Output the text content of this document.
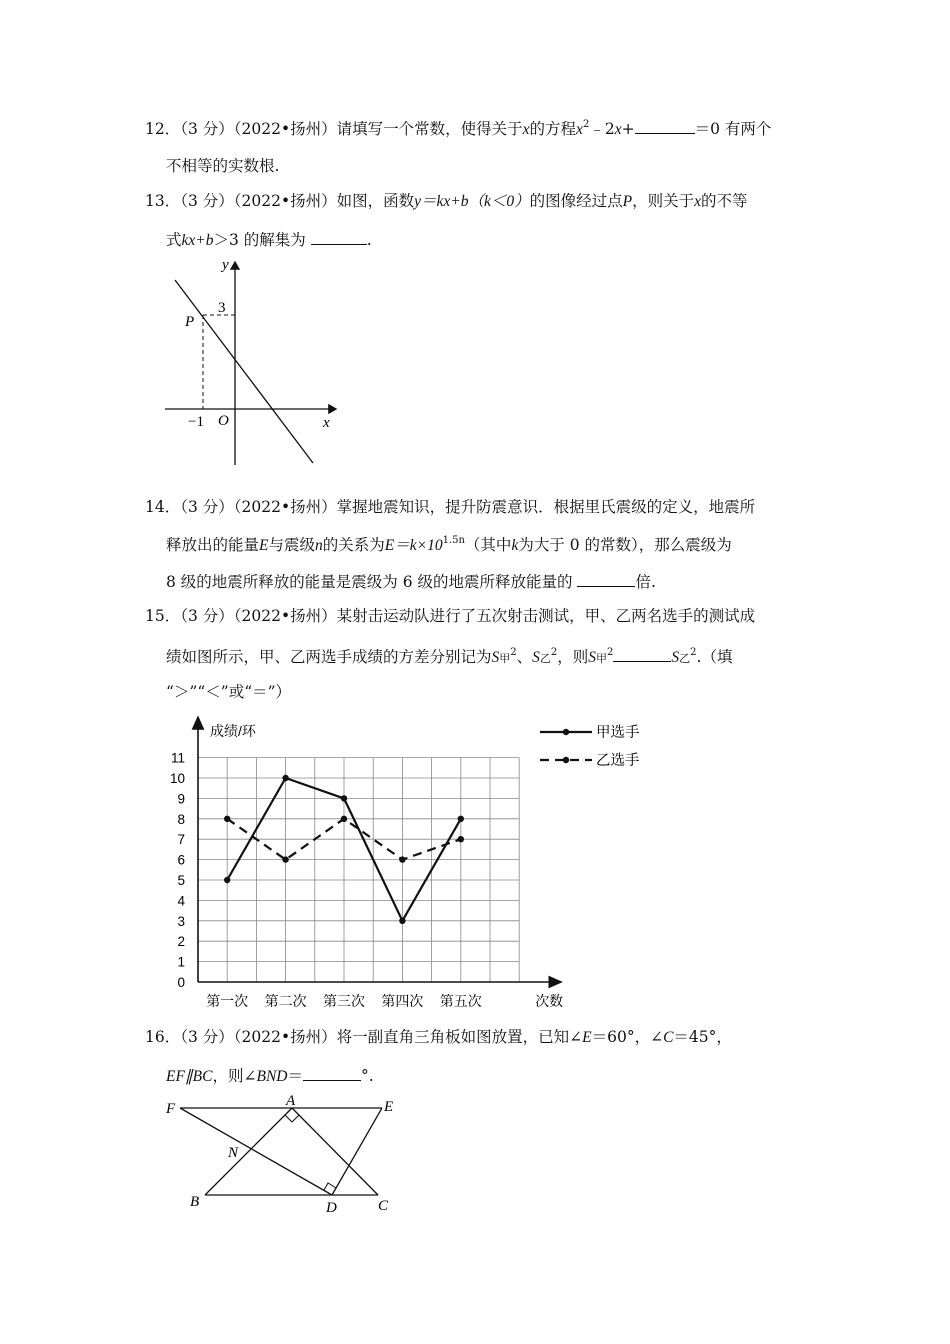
12．（3 分）（2022•扬州）请填写一个常数，使得关于x的方程$x^2﹣2x+$	＝0 有两个
不相等的实数根.
13．（3 分）（2022•扬州）如图，函数y＝kx+b（k＜0）的图像经过点P，则关于x的不等
式kx+b＞3 的解集为	.
y
x
O
P
3
−1
14．（3 分）（2022•扬州）掌握地震知识，提升防震意识．根据里氏震级的定义，地震所
释放出的能量E与震级n的关系为$E=k\times 10^{1.5n}$（其中k为大于 0 的常数），那么震级为
8 级的地震所释放的能量是震级为 6 级的地震所释放能量的	倍.
15．（3 分）（2022•扬州）某射击运动队进行了五次射击测试，甲、乙两名选手的测试成
绩如图所示，甲、乙两选手成绩的方差分别记为S甲$^2$、S乙$^2$，则S甲$^2$	S乙$^2$.（填
“＞”“＜”或“＝”）
0
1
2
3
4
5
6
7
8
9
10
11
第一次 第二次 第三次 第四次 第五次	次数
成绩/环	甲选手
乙选手
16．（3 分）（2022•扬州）将一副直角三角板如图放置，已知∠E＝60°，∠C＝45°，
EF∥BC，则∠BND＝	°.
F	A	E
N
B	D	C
